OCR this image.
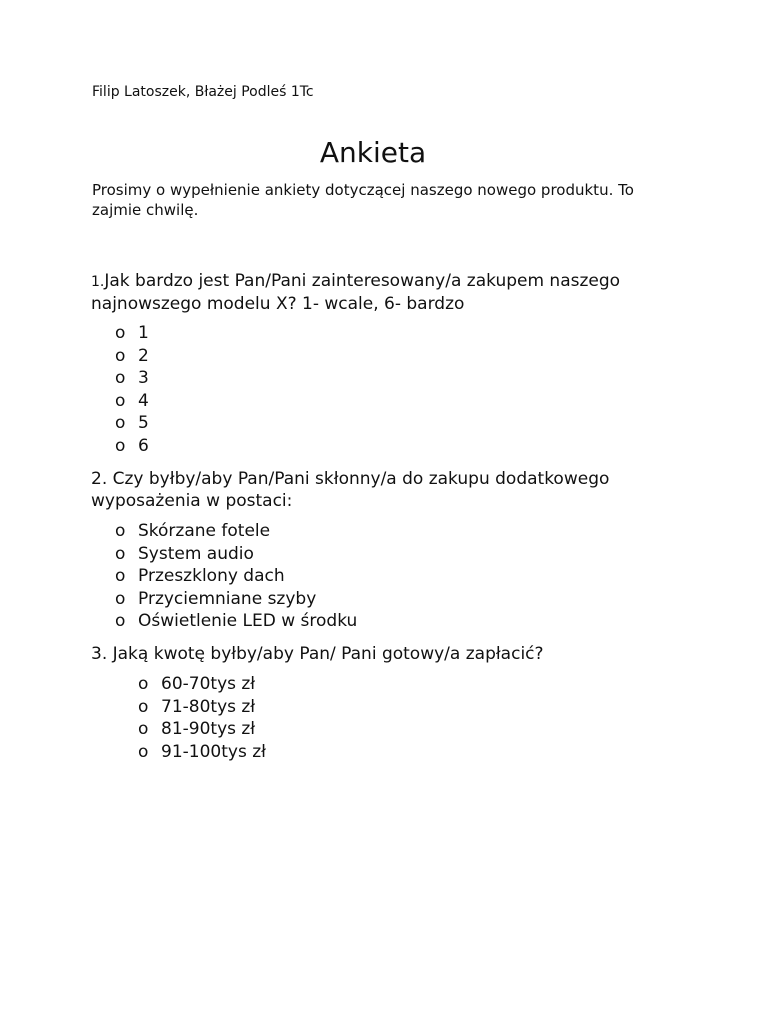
Filip Latoszek, Błażej Podleś 1Tc
Ankieta
Prosimy o wypełnienie ankiety dotyczącej naszego nowego produktu. To zajmie chwilę.
1.Jak bardzo jest Pan/Pani zainteresowany/a zakupem naszego najnowszego modelu X? 1- wcale, 6- bardzo
o 1
o 2
o 3
o 4
o 5
o 6
2. Czy byłby/aby Pan/Pani skłonny/a do zakupu dodatkowego wyposażenia w postaci:
o Skórzane fotele
o System audio
o Przeszklony dach
o Przyciemniane szyby
o Oświetlenie LED w środku
3. Jaką kwotę byłby/aby Pan/ Pani gotowy/a zapłacić?
o 60-70tys zł
o 71-80tys zł
o 81-90tys zł
o 91-100tys zł
